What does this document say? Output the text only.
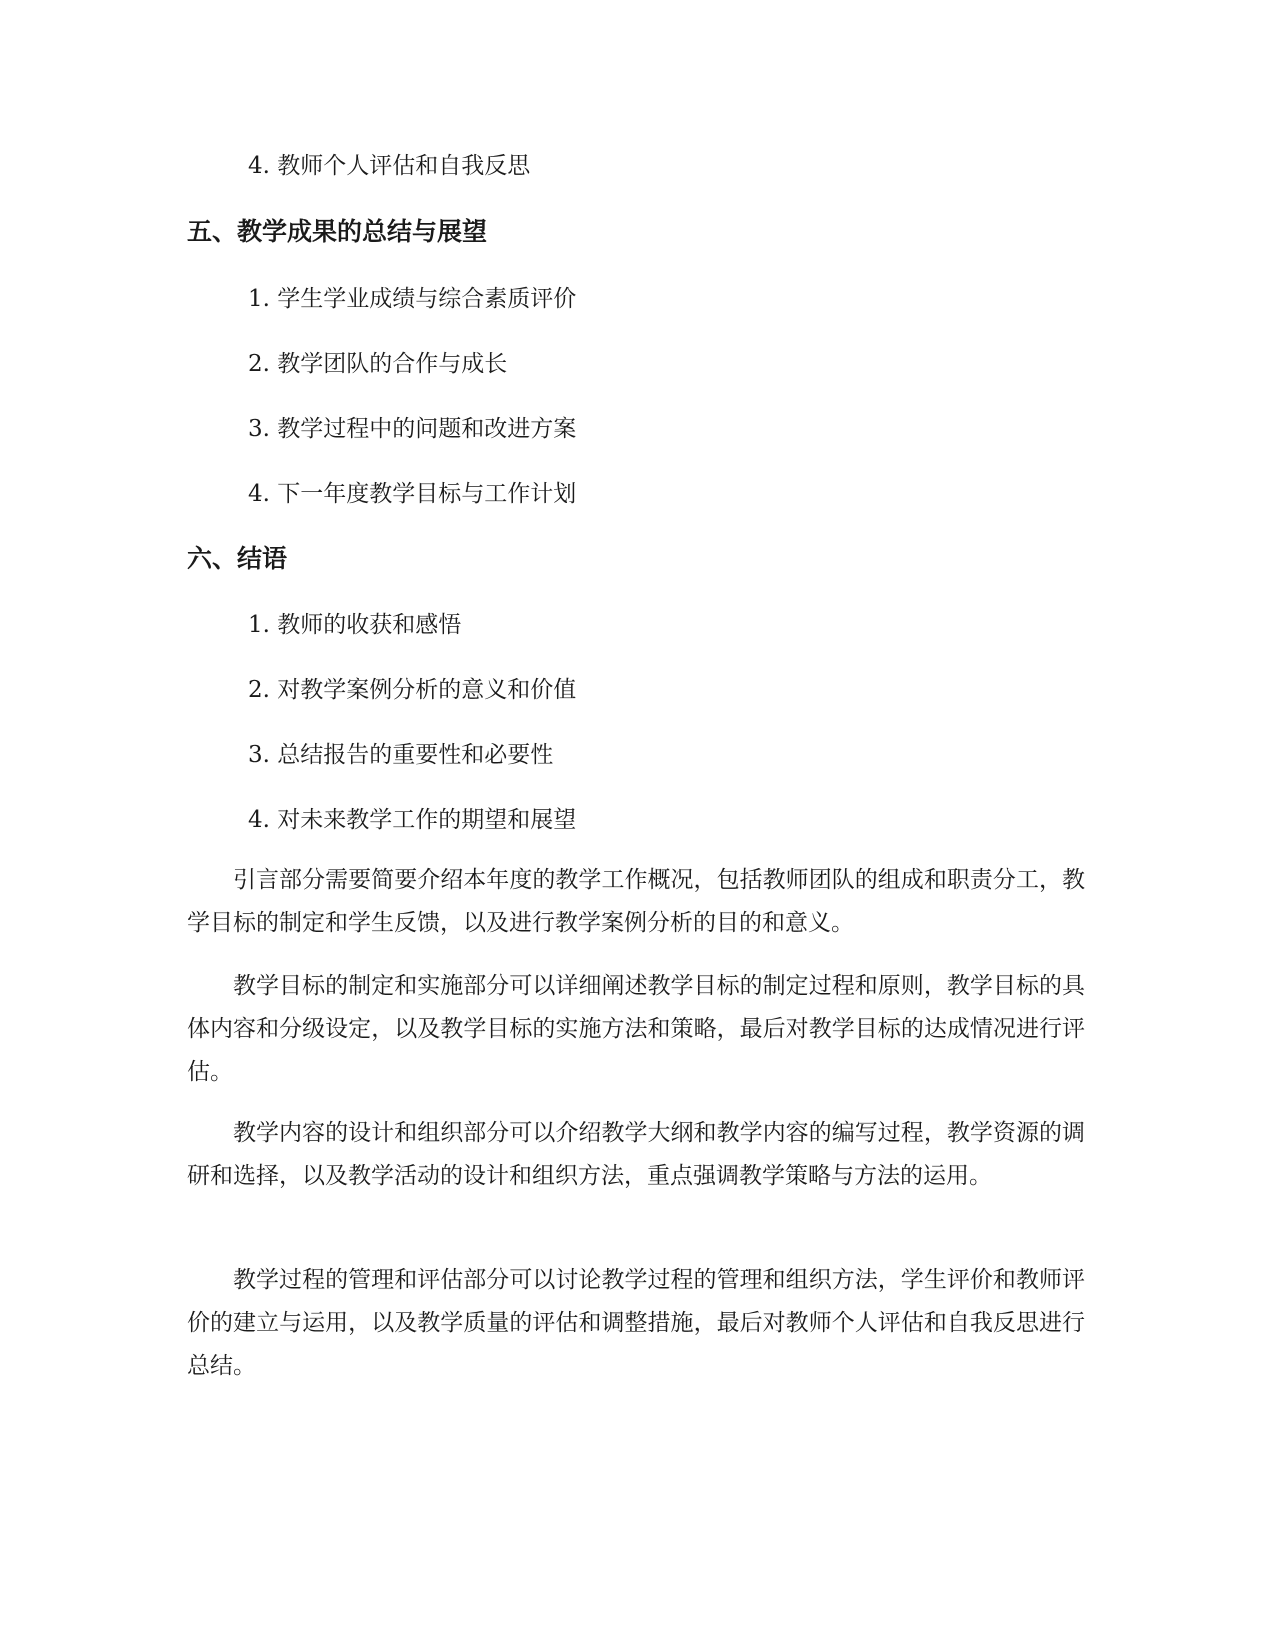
4. 教师个人评估和自我反思
五、教学成果的总结与展望
1. 学生学业成绩与综合素质评价
2. 教学团队的合作与成长
3. 教学过程中的问题和改进方案
4. 下一年度教学目标与工作计划
六、结语
1. 教师的收获和感悟
2. 对教学案例分析的意义和价值
3. 总结报告的重要性和必要性
4. 对未来教学工作的期望和展望
引言部分需要简要介绍本年度的教学工作概况，包括教师团队的组成和职责分工，教学目标的制定和学生反馈，以及进行教学案例分析的目的和意义。
教学目标的制定和实施部分可以详细阐述教学目标的制定过程和原则，教学目标的具体内容和分级设定，以及教学目标的实施方法和策略，最后对教学目标的达成情况进行评估。
教学内容的设计和组织部分可以介绍教学大纲和教学内容的编写过程，教学资源的调研和选择，以及教学活动的设计和组织方法，重点强调教学策略与方法的运用。
教学过程的管理和评估部分可以讨论教学过程的管理和组织方法，学生评价和教师评价的建立与运用，以及教学质量的评估和调整措施，最后对教师个人评估和自我反思进行总结。
